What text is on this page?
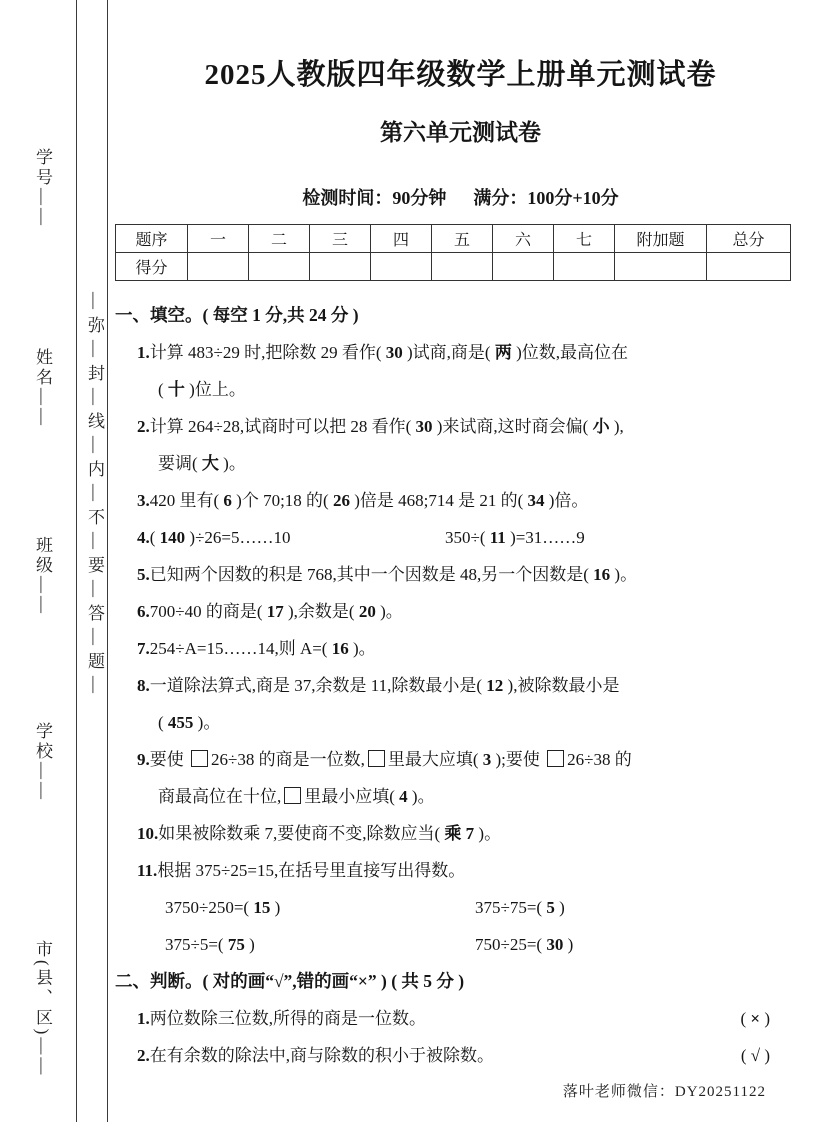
学号——
姓名——
班级——
学校——
市(县、区)——
—弥—封—线—内—不—要—答—题—
2025人教版四年级数学上册单元测试卷
第六单元测试卷
检测时间：90分钟      满分：100分+10分
题序	一	二	三	四	五	六	七	附加题	总分
得分									
一、填空。( 每空 1 分,共 24 分 )
1.计算 483÷29 时,把除数 29 看作( 30 )试商,商是( 两 )位数,最高位在
( 十 )位上。
2.计算 264÷28,试商时可以把 28 看作( 30 )来试商,这时商会偏( 小 ),
要调( 大 )。
3.420 里有( 6 )个 70;18 的( 26 )倍是 468;714 是 21 的( 34 )倍。
4.( 140 )÷26=5……10	350÷( 11 )=31……9
5.已知两个因数的积是 768,其中一个因数是 48,另一个因数是( 16 )。
6.700÷40 的商是( 17 ),余数是( 20 )。
7.254÷A=15……14,则 A=( 16 )。
8.一道除法算式,商是 37,余数是 11,除数最小是( 12 ),被除数最小是
( 455 )。
9.要使 26÷38 的商是一位数, 里最大应填( 3 );要使 26÷38 的
商最高位在十位, 里最小应填( 4 )。
10.如果被除数乘 7,要使商不变,除数应当( 乘 7 )。
11.根据 375÷25=15,在括号里直接写出得数。
3750÷250=( 15 )	375÷75=( 5 )
375÷5=( 75 )	750÷25=( 30 )
二、判断。( 对的画“√”,错的画“×” ) ( 共 5 分 )
1.两位数除三位数,所得的商是一位数。	( × )
2.在有余数的除法中,商与除数的积小于被除数。	( √ )
落叶老师微信：DY20251122
